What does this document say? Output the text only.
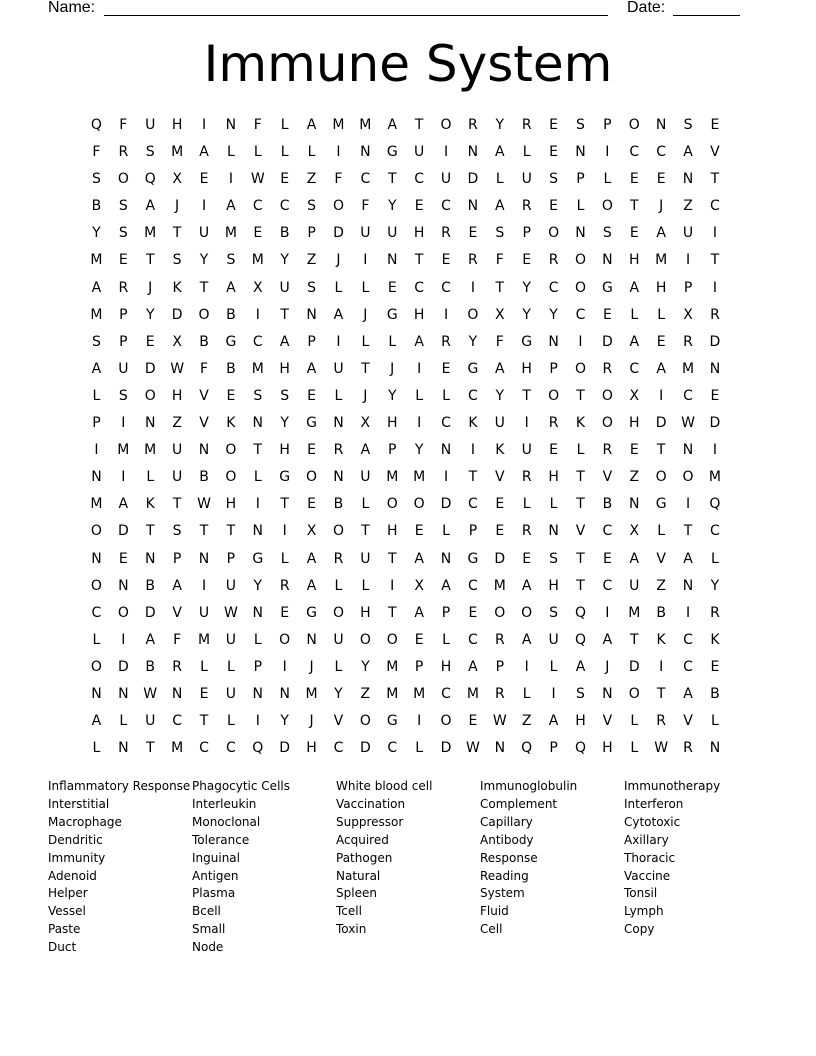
Name:	Date:
Immune System
Q	F	U	H	I	N	F	L	A	M	M	A	T	O	R	Y	R	E	S	P	O	N	S	E
F	R	S	M	A	L	L	L	L	I	N	G	U	I	N	A	L	E	N	I	C	C	A	V
S	O	Q	X	E	I	W	E	Z	F	C	T	C	U	D	L	U	S	P	L	E	E	N	T
B	S	A	J	I	A	C	C	S	O	F	Y	E	C	N	A	R	E	L	O	T	J	Z	C
Y	S	M	T	U	M	E	B	P	D	U	U	H	R	E	S	P	O	N	S	E	A	U	I
M	E	T	S	Y	S	M	Y	Z	J	I	N	T	E	R	F	E	R	O	N	H	M	I	T
A	R	J	K	T	A	X	U	S	L	L	E	C	C	I	T	Y	C	O	G	A	H	P	I
M	P	Y	D	O	B	I	T	N	A	J	G	H	I	O	X	Y	Y	C	E	L	L	X	R
S	P	E	X	B	G	C	A	P	I	L	L	A	R	Y	F	G	N	I	D	A	E	R	D
A	U	D	W	F	B	M	H	A	U	T	J	I	E	G	A	H	P	O	R	C	A	M	N
L	S	O	H	V	E	S	S	E	L	J	Y	L	L	C	Y	T	O	T	O	X	I	C	E
P	I	N	Z	V	K	N	Y	G	N	X	H	I	C	K	U	I	R	K	O	H	D	W	D
I	M	M	U	N	O	T	H	E	R	A	P	Y	N	I	K	U	E	L	R	E	T	N	I
N	I	L	U	B	O	L	G	O	N	U	M	M	I	T	V	R	H	T	V	Z	O	O	M
M	A	K	T	W	H	I	T	E	B	L	O	O	D	C	E	L	L	T	B	N	G	I	Q
O	D	T	S	T	T	N	I	X	O	T	H	E	L	P	E	R	N	V	C	X	L	T	C
N	E	N	P	N	P	G	L	A	R	U	T	A	N	G	D	E	S	T	E	A	V	A	L
O	N	B	A	I	U	Y	R	A	L	L	I	X	A	C	M	A	H	T	C	U	Z	N	Y
C	O	D	V	U	W	N	E	G	O	H	T	A	P	E	O	O	S	Q	I	M	B	I	R
L	I	A	F	M	U	L	O	N	U	O	O	E	L	C	R	A	U	Q	A	T	K	C	K
O	D	B	R	L	L	P	I	J	L	Y	M	P	H	A	P	I	L	A	J	D	I	C	E
N	N	W	N	E	U	N	N	M	Y	Z	M	M	C	M	R	L	I	S	N	O	T	A	B
A	L	U	C	T	L	I	Y	J	V	O	G	I	O	E	W	Z	A	H	V	L	R	V	L
L	N	T	M	C	C	Q	D	H	C	D	C	L	D	W	N	Q	P	Q	H	L	W	R	N
Inflammatory Response
Interstitial
Macrophage
Dendritic
Immunity
Adenoid
Helper
Vessel
Paste
Duct
Phagocytic Cells
Interleukin
Monoclonal
Tolerance
Inguinal
Antigen
Plasma
Bcell
Small
Node
White blood cell
Vaccination
Suppressor
Acquired
Pathogen
Natural
Spleen
Tcell
Toxin
Immunoglobulin
Complement
Capillary
Antibody
Response
Reading
System
Fluid
Cell
Immunotherapy
Interferon
Cytotoxic
Axillary
Thoracic
Vaccine
Tonsil
Lymph
Copy
